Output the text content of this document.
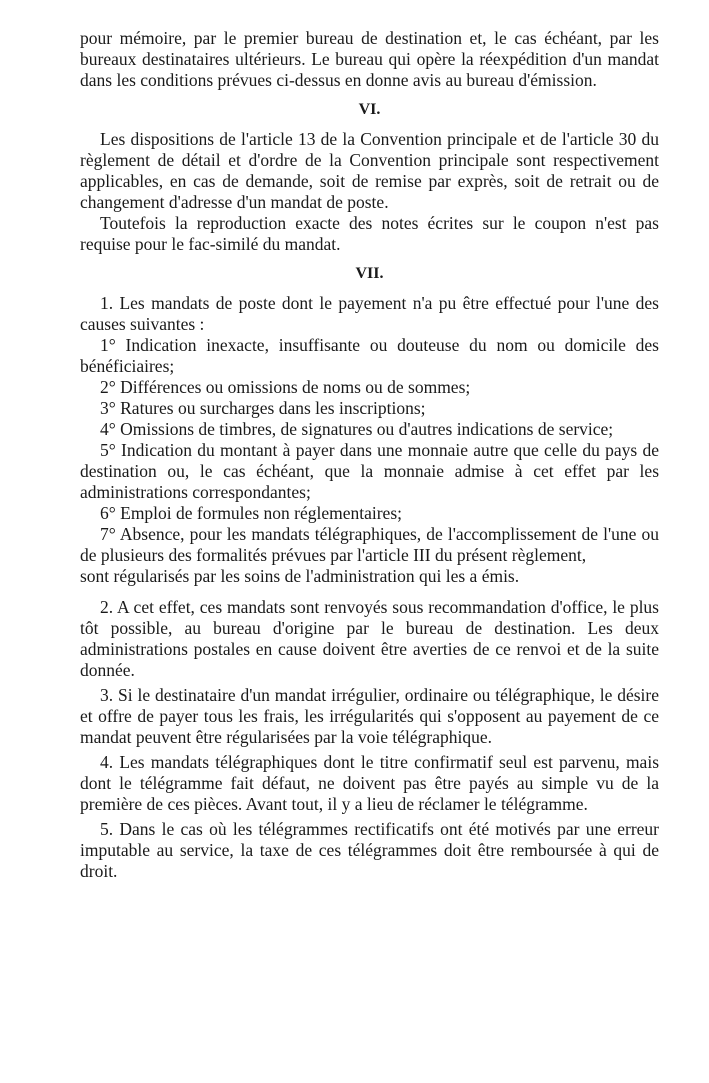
pour mémoire, par le premier bureau de destination et, le cas échéant, par les bureaux destinataires ultérieurs. Le bureau qui opère la réexpédition d'un mandat dans les conditions prévues ci-dessus en donne avis au bureau d'émission.

VI.

Les dispositions de l'article 13 de la Convention principale et de l'article 30 du règlement de détail et d'ordre de la Convention principale sont respectivement applicables, en cas de demande, soit de remise par exprès, soit de retrait ou de changement d'adresse d'un mandat de poste.

Toutefois la reproduction exacte des notes écrites sur le coupon n'est pas requise pour le fac-similé du mandat.

VII.

1. Les mandats de poste dont le payement n'a pu être effectué pour l'une des causes suivantes :

1° Indication inexacte, insuffisante ou douteuse du nom ou domicile des bénéficiaires;

2° Différences ou omissions de noms ou de sommes;

3° Ratures ou surcharges dans les inscriptions;

4° Omissions de timbres, de signatures ou d'autres indications de service;

5° Indication du montant à payer dans une monnaie autre que celle du pays de destination ou, le cas échéant, que la monnaie admise à cet effet par les administrations correspondantes;

6° Emploi de formules non réglementaires;

7° Absence, pour les mandats télégraphiques, de l'accomplissement de l'une ou de plusieurs des formalités prévues par l'article III du présent règlement,

sont régularisés par les soins de l'administration qui les a émis.

2. A cet effet, ces mandats sont renvoyés sous recommandation d'office, le plus tôt possible, au bureau d'origine par le bureau de destination. Les deux administrations postales en cause doivent être averties de ce renvoi et de la suite donnée.

3. Si le destinataire d'un mandat irrégulier, ordinaire ou télégraphique, le désire et offre de payer tous les frais, les irrégularités qui s'opposent au payement de ce mandat peuvent être régularisées par la voie télégraphique.

4. Les mandats télégraphiques dont le titre confirmatif seul est parvenu, mais dont le télégramme fait défaut, ne doivent pas être payés au simple vu de la première de ces pièces. Avant tout, il y a lieu de réclamer le télégramme.

5. Dans le cas où les télégrammes rectificatifs ont été motivés par une erreur imputable au service, la taxe de ces télégrammes doit être remboursée à qui de droit.
